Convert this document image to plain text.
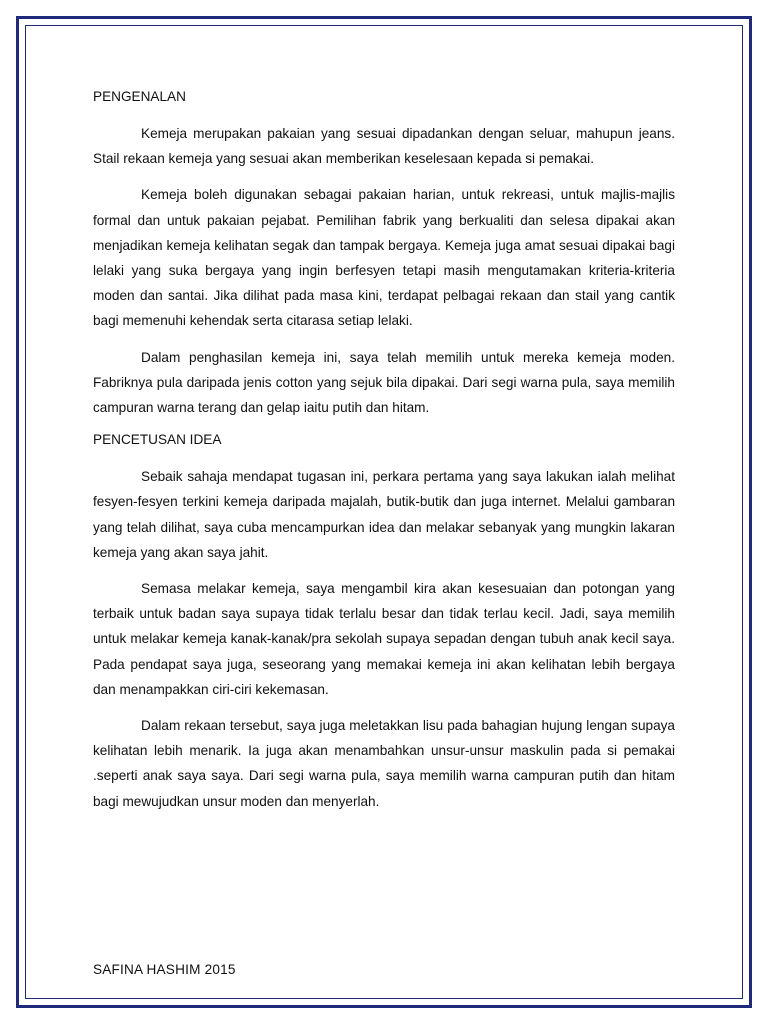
PENGENALAN

Kemeja merupakan pakaian yang sesuai dipadankan dengan seluar, mahupun jeans. Stail rekaan kemeja yang sesuai akan memberikan keselesaan kepada si pemakai.

Kemeja boleh digunakan sebagai pakaian harian, untuk rekreasi, untuk majlis-majlis formal dan untuk pakaian pejabat. Pemilihan fabrik yang berkualiti dan selesa dipakai akan menjadikan kemeja kelihatan segak dan tampak bergaya. Kemeja juga amat sesuai dipakai bagi lelaki yang suka bergaya yang ingin berfesyen tetapi masih mengutamakan kriteria-kriteria moden dan santai. Jika dilihat pada masa kini, terdapat pelbagai rekaan dan stail yang cantik bagi memenuhi kehendak serta citarasa setiap lelaki.

Dalam penghasilan kemeja ini, saya telah memilih untuk mereka kemeja moden. Fabriknya pula daripada jenis cotton yang sejuk bila dipakai. Dari segi warna pula, saya memilih campuran warna terang dan gelap iaitu putih dan hitam.

PENCETUSAN IDEA

Sebaik sahaja mendapat tugasan ini, perkara pertama yang saya lakukan ialah melihat fesyen-fesyen terkini kemeja daripada majalah, butik-butik dan juga internet. Melalui gambaran yang telah dilihat, saya cuba mencampurkan idea dan melakar sebanyak yang mungkin lakaran kemeja yang akan saya jahit.

Semasa melakar kemeja, saya mengambil kira akan kesesuaian dan potongan yang terbaik untuk badan saya supaya tidak terlalu besar dan tidak terlau kecil. Jadi, saya memilih untuk melakar kemeja kanak-kanak/pra sekolah supaya sepadan dengan tubuh anak kecil saya. Pada pendapat saya juga, seseorang yang memakai kemeja ini akan kelihatan lebih bergaya dan menampakkan ciri-ciri kekemasan.

Dalam rekaan tersebut, saya juga meletakkan lisu pada bahagian hujung lengan supaya kelihatan lebih menarik. Ia juga akan menambahkan unsur-unsur maskulin pada si pemakai .seperti anak saya saya. Dari segi warna pula, saya memilih warna campuran putih dan hitam bagi mewujudkan unsur moden dan menyerlah.

SAFINA HASHIM 2015
